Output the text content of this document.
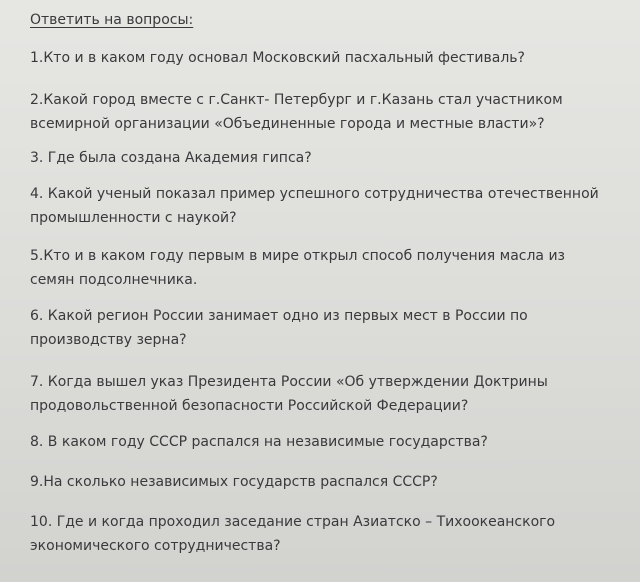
Ответить на вопросы:
1.Кто и в каком году основал Московский пасхальный фестиваль?
2.Какой город вместе с г.Санкт- Петербург и г.Казань стал участником
всемирной организации «Объединенные города и местные власти»?
3. Где была создана Академия гипса?
4. Какой ученый показал пример успешного сотрудничества отечественной
промышленности с наукой?
5.Кто и в каком году первым в мире открыл способ получения масла из
семян подсолнечника.
6. Какой регион России занимает одно из первых мест в России по
производству зерна?
7. Когда вышел указ Президента России «Об утверждении Доктрины
продовольственной безопасности Российской Федерации?
8. В каком году СССР распался на независимые государства?
9.На сколько независимых государств распался СССР?
10. Где и когда проходил заседание стран Азиатско – Тихоокеанского
экономического сотрудничества?
